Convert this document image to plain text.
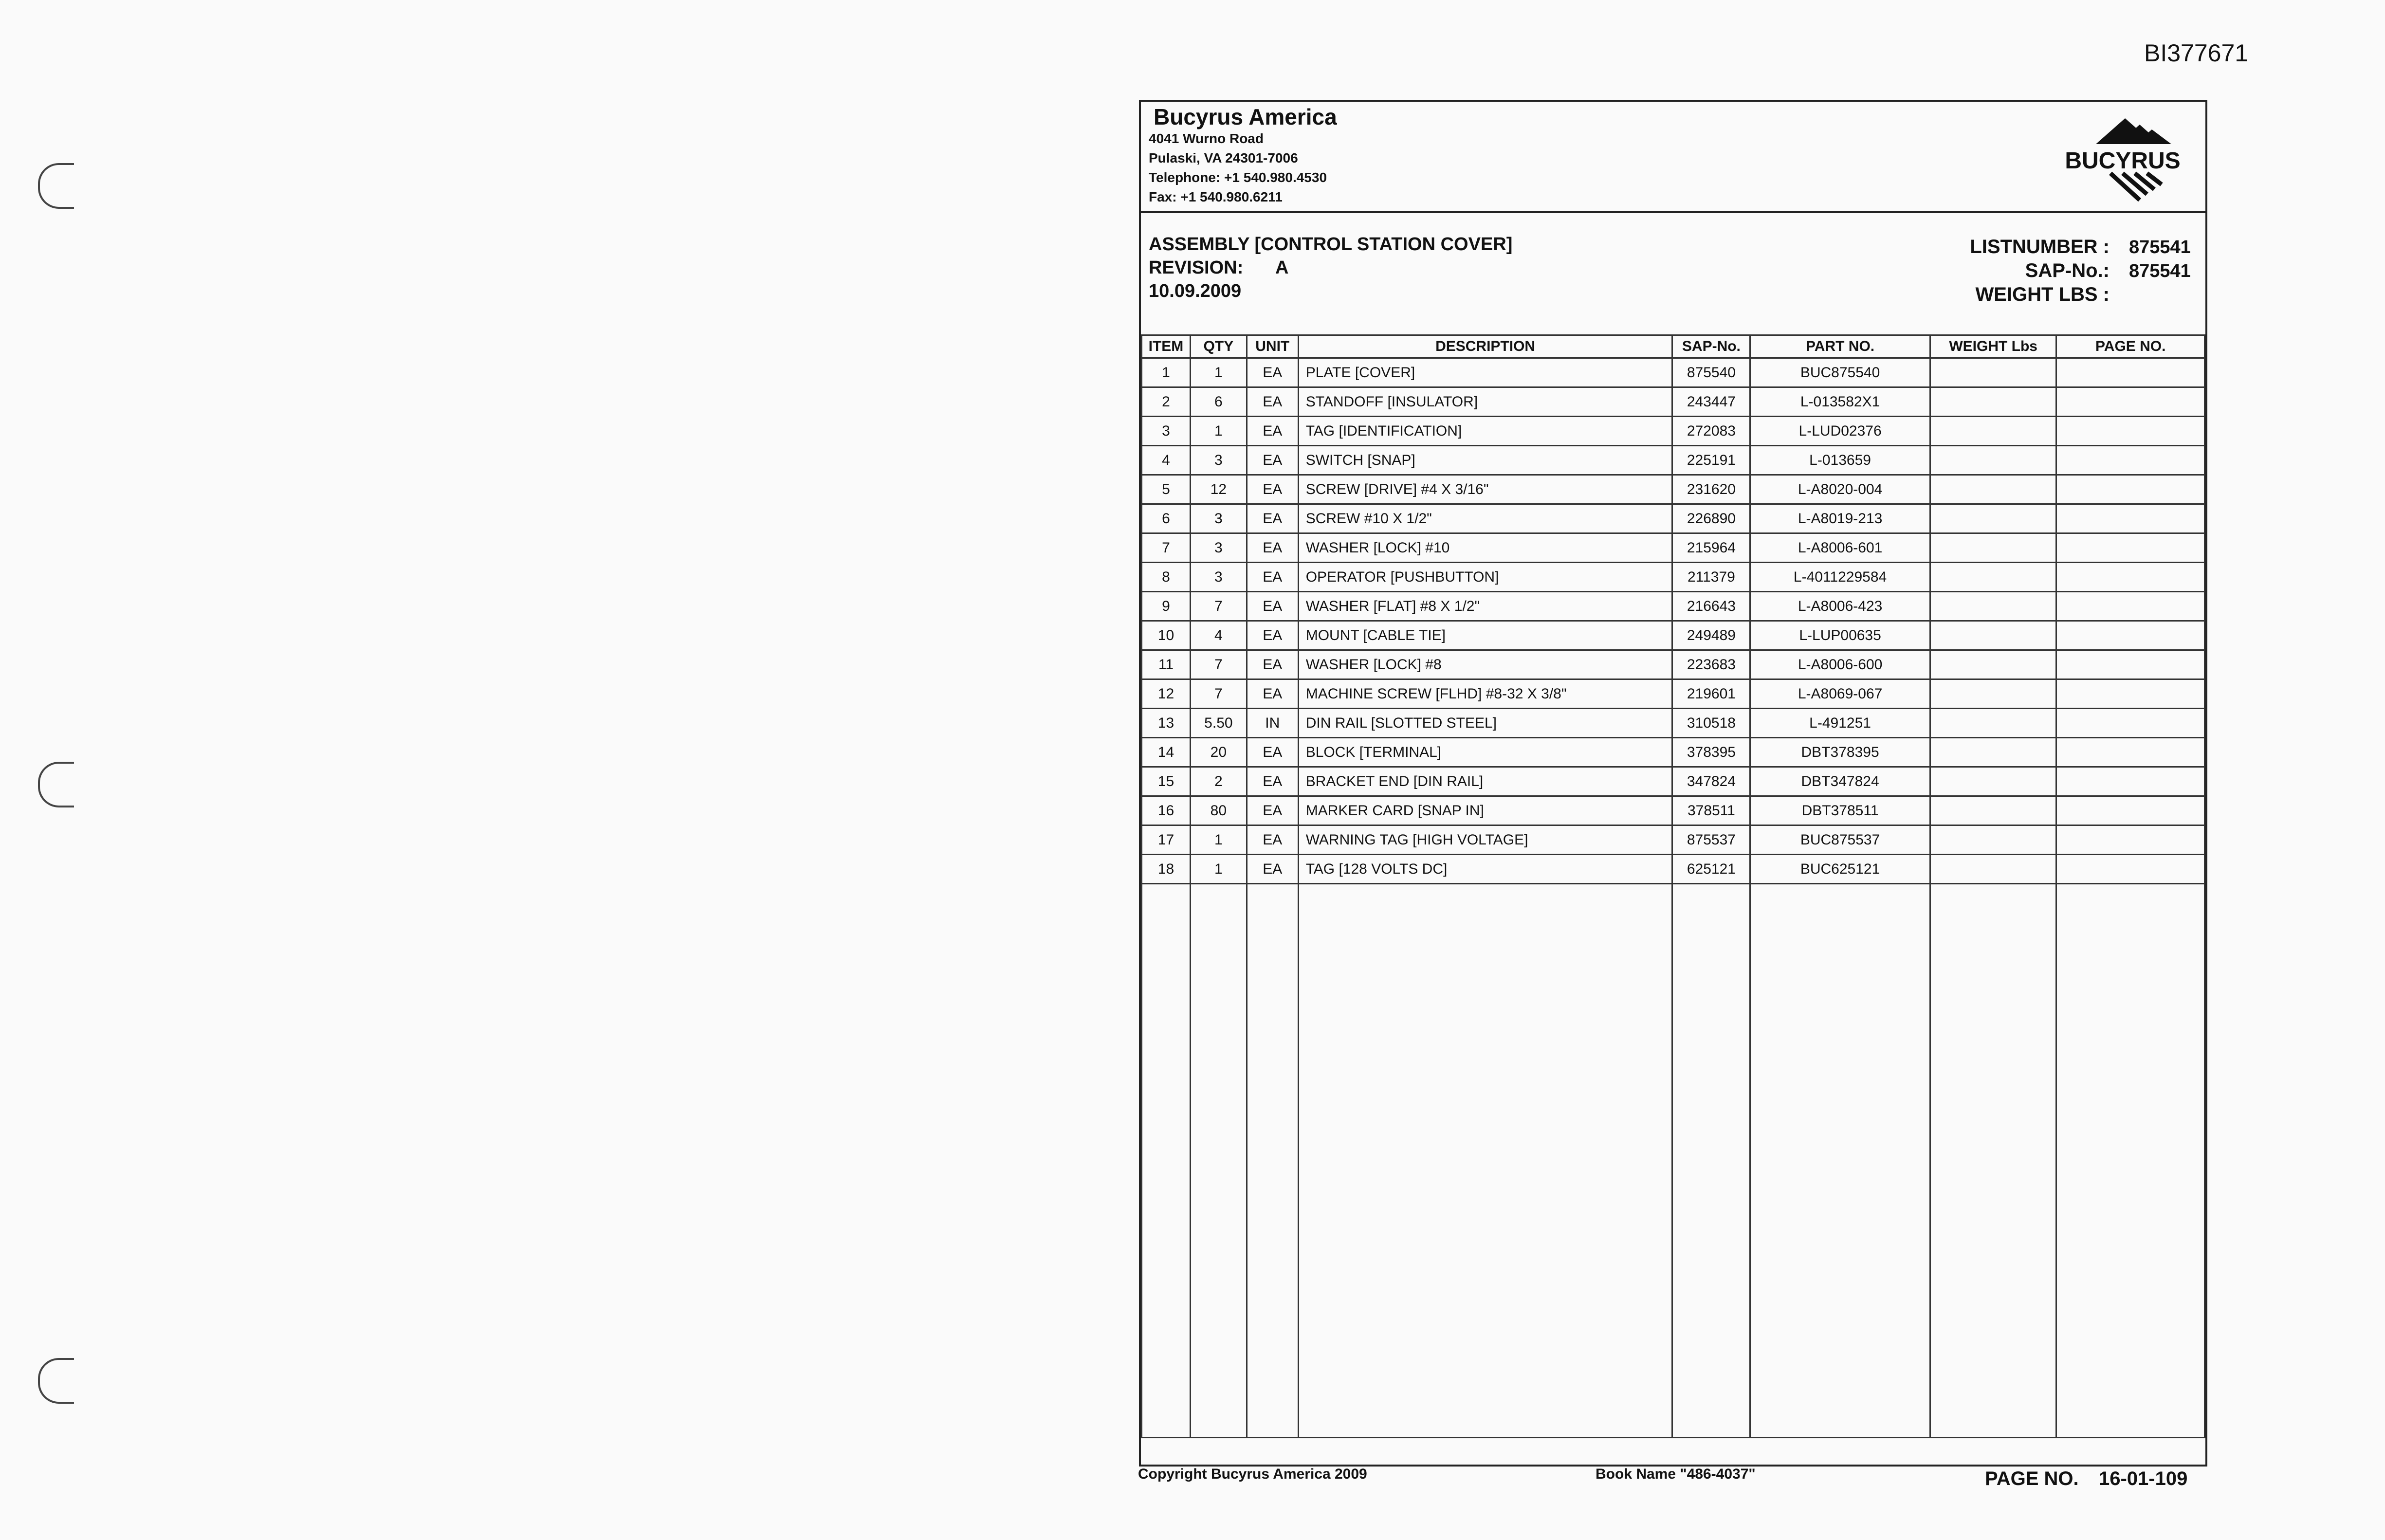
BI377671
Bucyrus America
4041 Wurno Road
Pulaski, VA 24301-7006
Telephone: +1 540.980.4530
Fax: +1 540.980.6211
BUCYRUS
ASSEMBLY [CONTROL STATION COVER]
REVISION: A
10.09.2009
LISTNUMBER : 875541
SAP-No.: 875541
WEIGHT LBS :
ITEM	QTY	UNIT	DESCRIPTION	SAP-No.	PART NO.	WEIGHT Lbs	PAGE NO.
1	1	EA	PLATE [COVER]	875540	BUC875540		
2	6	EA	STANDOFF [INSULATOR]	243447	L-013582X1		
3	1	EA	TAG [IDENTIFICATION]	272083	L-LUD02376		
4	3	EA	SWITCH [SNAP]	225191	L-013659		
5	12	EA	SCREW [DRIVE] #4 X 3/16"	231620	L-A8020-004		
6	3	EA	SCREW #10 X 1/2"	226890	L-A8019-213		
7	3	EA	WASHER [LOCK] #10	215964	L-A8006-601		
8	3	EA	OPERATOR [PUSHBUTTON]	211379	L-4011229584		
9	7	EA	WASHER [FLAT] #8 X 1/2"	216643	L-A8006-423		
10	4	EA	MOUNT [CABLE TIE]	249489	L-LUP00635		
11	7	EA	WASHER [LOCK] #8	223683	L-A8006-600		
12	7	EA	MACHINE SCREW [FLHD] #8-32 X 3/8"	219601	L-A8069-067		
13	5.50	IN	DIN RAIL [SLOTTED STEEL]	310518	L-491251		
14	20	EA	BLOCK [TERMINAL]	378395	DBT378395		
15	2	EA	BRACKET END [DIN RAIL]	347824	DBT347824		
16	80	EA	MARKER CARD [SNAP IN]	378511	DBT378511		
17	1	EA	WARNING TAG [HIGH VOLTAGE]	875537	BUC875537		
18	1	EA	TAG [128 VOLTS DC]	625121	BUC625121		

Copyright Bucyrus America 2009	Book Name "486-4037"	PAGE NO. 16-01-109
